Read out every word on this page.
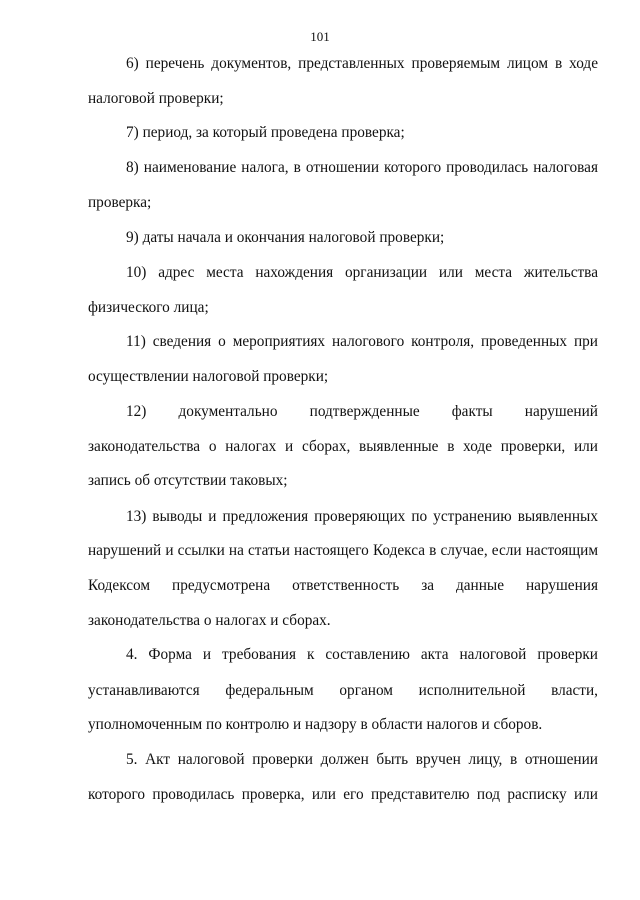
101
6) перечень документов, представленных проверяемым лицом в ходе
налоговой проверки;
7) период, за который проведена проверка;
8) наименование налога, в отношении которого проводилась налоговая
проверка;
9) даты начала и окончания налоговой проверки;
10) адрес места нахождения организации или места жительства
физического лица;
11) сведения о мероприятиях налогового контроля, проведенных при
осуществлении налоговой проверки;
12) документально подтвержденные факты нарушений
законодательства о налогах и сборах, выявленные в ходе проверки, или
запись об отсутствии таковых;
13) выводы и предложения проверяющих по устранению выявленных
нарушений и ссылки на статьи настоящего Кодекса в случае, если настоящим
Кодексом предусмотрена ответственность за данные нарушения
законодательства о налогах и сборах.
4. Форма и требования к составлению акта налоговой проверки
устанавливаются федеральным органом исполнительной власти,
уполномоченным по контролю и надзору в области налогов и сборов.
5. Акт налоговой проверки должен быть вручен лицу, в отношении
которого проводилась проверка, или его представителю под расписку или
